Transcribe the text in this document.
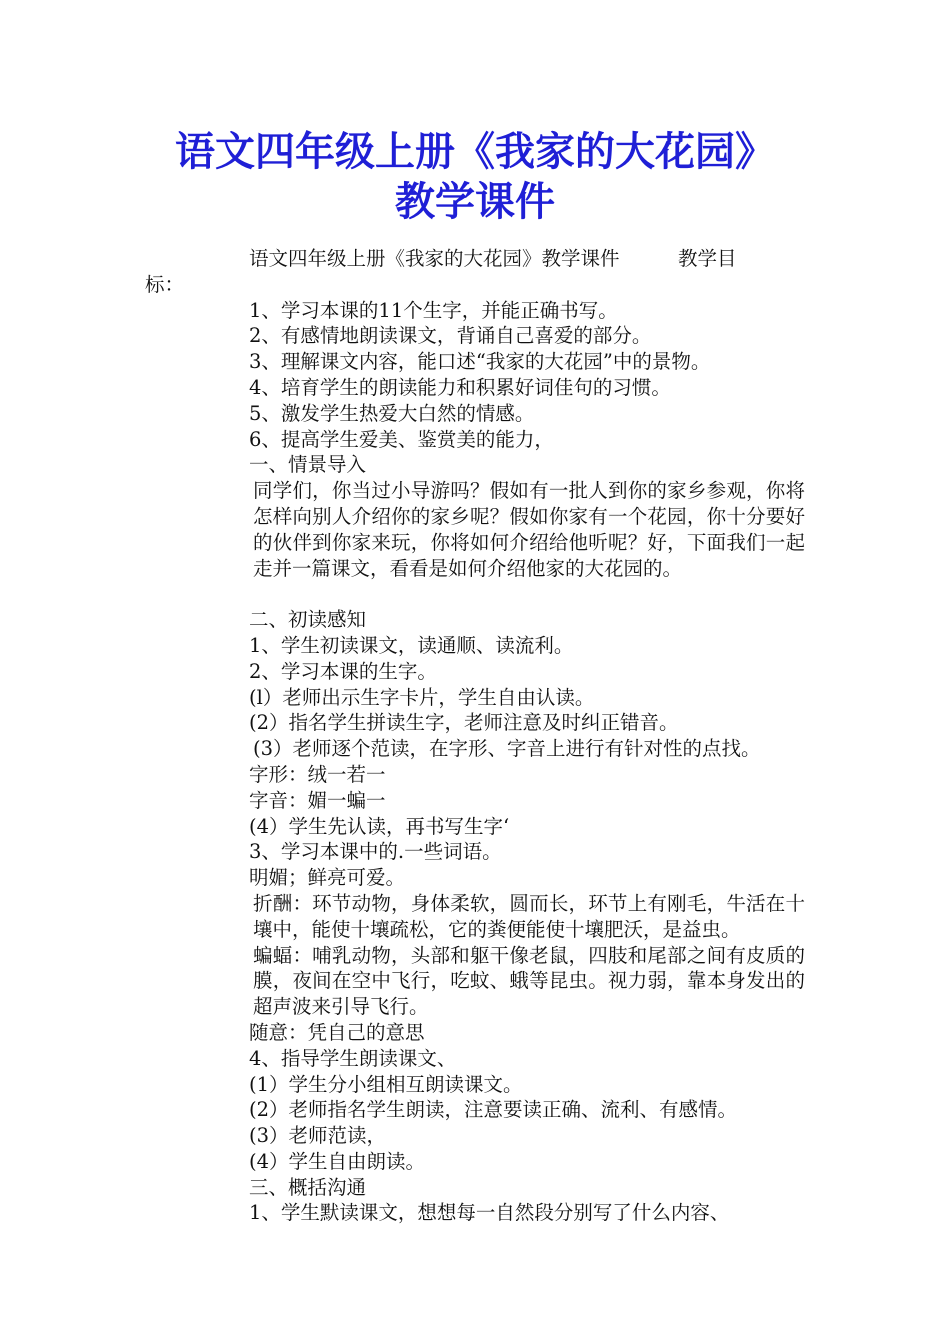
语文四年级上册《我家的大花园》
教学课件

语文四年级上册《我家的大花园》教学课件　　　教学目

标：

1、学习本课的11个生字，并能正确书写。

2、有感情地朗读课文，背诵自己喜爱的部分。

3、理解课文内容，能口述“我家的大花园”中的景物。

4、培育学生的朗读能力和积累好词佳句的习惯。

5、激发学生热爱大白然的情感。

6、提高学生爱美、鉴赏美的能力，

一、情景导入

同学们，你当过小导游吗？假如有一批人到你的家乡参观，你将怎样向别人介绍你的家乡呢？假如你家有一个花园，你十分要好的伙伴到你家来玩，你将如何介绍给他听呢？好，下面我们一起走并一篇课文，看看是如何介绍他家的大花园的。

二、初读感知

1、学生初读课文，读通顺、读流利。

2、学习本课的生字。

(l）老师出示生字卡片，学生自由认读。

(2）指名学生拼读生字，老师注意及时纠正错音。

(3）老师逐个范读，在字形、字音上进行有针对性的点找。

字形：绒一若一

字音：媚一蝙一

(4）学生先认读，再书写生字‘

3、学习本课中的.一些词语。

明媚；鲜亮可爱。

折酬：环节动物，身体柔软，圆而长，环节上有刚毛，牛活在十壤中，能使十壤疏松，它的粪便能使十壤肥沃，是益虫。

蝙蝠：哺乳动物，头部和躯干像老鼠，四肢和尾部之间有皮质的膜，夜间在空中飞行，吃蚊、蛾等昆虫。视力弱，靠本身发出的超声波来引导飞行。

随意：凭自己的意思

4、指导学生朗读课文、

(1）学生分小组相互朗读课文。

(2）老师指名学生朗读，注意要读正确、流利、有感情。

(3）老师范读，

(4）学生自由朗读。

三、概括沟通

1、学生默读课文，想想每一自然段分别写了什么内容、
